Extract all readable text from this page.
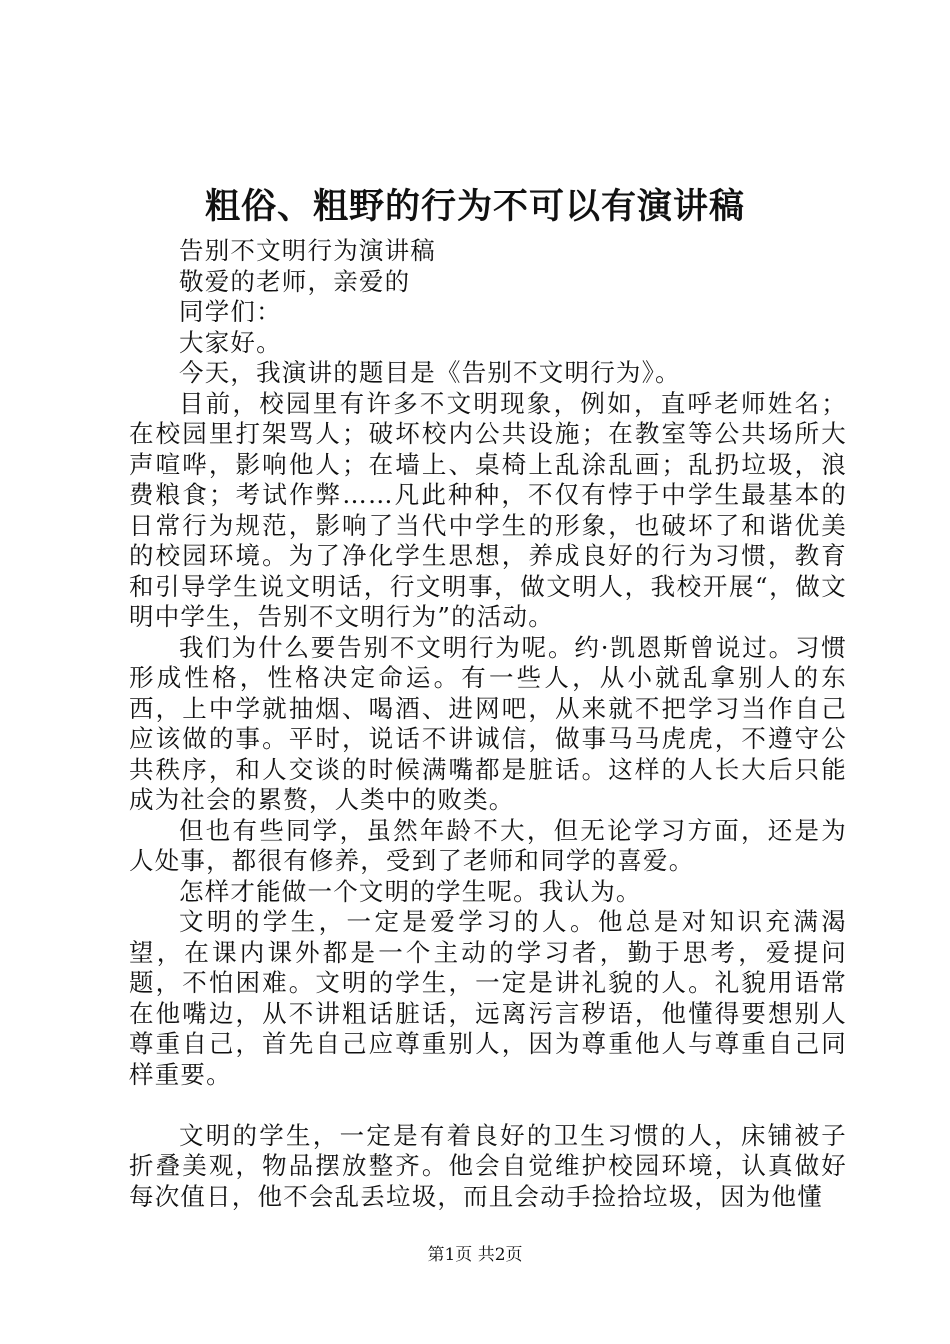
粗俗、粗野的行为不可以有演讲稿

告别不文明行为演讲稿

敬爱的老师，亲爱的

同学们：

大家好。

今天，我演讲的题目是《告别不文明行为》。

目前，校园里有许多不文明现象，例如，直呼老师姓名；在校园里打架骂人；破坏校内公共设施；在教室等公共场所大声喧哗，影响他人；在墙上、桌椅上乱涂乱画；乱扔垃圾，浪费粮食；考试作弊……凡此种种，不仅有悖于中学生最基本的日常行为规范，影响了当代中学生的形象，也破坏了和谐优美的校园环境。为了净化学生思想，养成良好的行为习惯，教育和引导学生说文明话，行文明事，做文明人，我校开展“，做文明中学生，告别不文明行为”的活动。

我们为什么要告别不文明行为呢。约·凯恩斯曾说过。习惯形成性格，性格决定命运。有一些人，从小就乱拿别人的东西，上中学就抽烟、喝酒、进网吧，从来就不把学习当作自己应该做的事。平时，说话不讲诚信，做事马马虎虎，不遵守公共秩序，和人交谈的时候满嘴都是脏话。这样的人长大后只能成为社会的累赘，人类中的败类。

但也有些同学，虽然年龄不大，但无论学习方面，还是为人处事，都很有修养，受到了老师和同学的喜爱。

怎样才能做一个文明的学生呢。我认为。

文明的学生，一定是爱学习的人。他总是对知识充满渴望，在课内课外都是一个主动的学习者，勤于思考，爱提问题，不怕困难。文明的学生，一定是讲礼貌的人。礼貌用语常在他嘴边，从不讲粗话脏话，远离污言秽语，他懂得要想别人尊重自己，首先自己应尊重别人，因为尊重他人与尊重自己同样重要。

文明的学生，一定是有着良好的卫生习惯的人，床铺被子折叠美观，物品摆放整齐。他会自觉维护校园环境，认真做好每次值日，他不会乱丢垃圾，而且会动手捡拾垃圾，因为他懂

第1页 共2页
